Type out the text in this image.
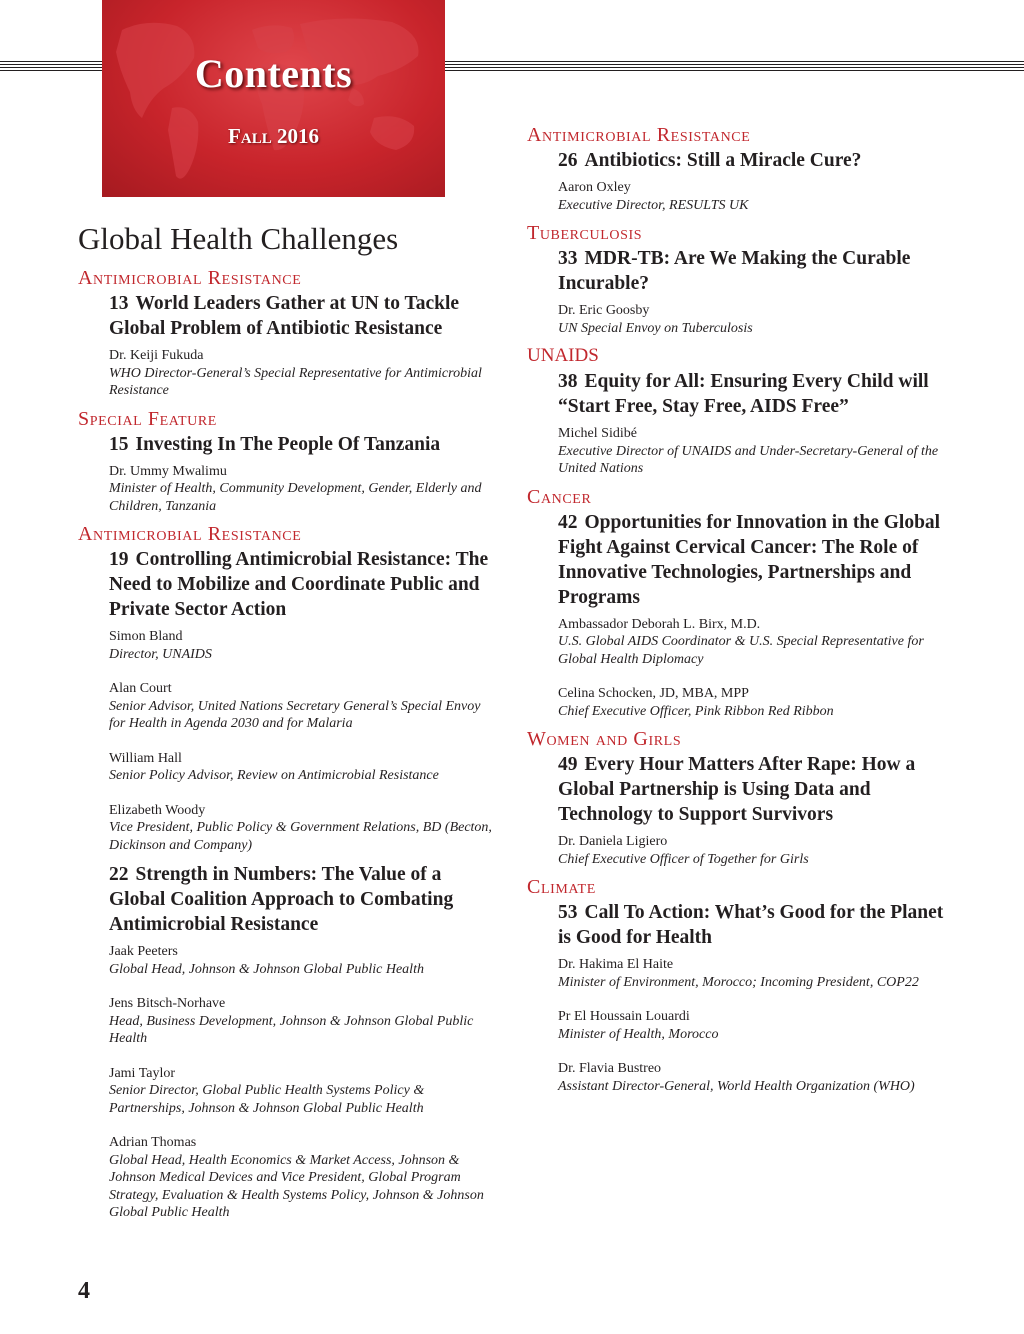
Contents
Fall 2016
Global Health Challenges
Antimicrobial Resistance
13 World Leaders Gather at UN to Tackle Global Problem of Antibiotic Resistance
Dr. Keiji Fukuda
WHO Director-General’s Special Representative for Antimicrobial Resistance
Special Feature
15 Investing In The People Of Tanzania
Dr. Ummy Mwalimu
Minister of Health, Community Development, Gender, Elderly and Children, Tanzania
Antimicrobial Resistance
19 Controlling Antimicrobial Resistance: The Need to Mobilize and Coordinate Public and Private Sector Action
Simon Bland
Director, UNAIDS
Alan Court
Senior Advisor, United Nations Secretary General’s Special Envoy for Health in Agenda 2030 and for Malaria
William Hall
Senior Policy Advisor, Review on Antimicrobial Resistance
Elizabeth Woody
Vice President, Public Policy & Government Relations, BD (Becton, Dickinson and Company)
22 Strength in Numbers: The Value of a Global Coalition Approach to Combating Antimicrobial Resistance
Jaak Peeters
Global Head, Johnson & Johnson Global Public Health
Jens Bitsch-Norhave
Head, Business Development, Johnson & Johnson Global Public Health
Jami Taylor
Senior Director, Global Public Health Systems Policy & Partnerships, Johnson & Johnson Global Public Health
Adrian Thomas
Global Head, Health Economics & Market Access, Johnson & Johnson Medical Devices and Vice President, Global Program Strategy, Evaluation & Health Systems Policy, Johnson & Johnson Global Public Health
Antimicrobial Resistance
26 Antibiotics: Still a Miracle Cure?
Aaron Oxley
Executive Director, RESULTS UK
Tuberculosis
33 MDR-TB: Are We Making the Curable Incurable?
Dr. Eric Goosby
UN Special Envoy on Tuberculosis
UNAIDS
38 Equity for All: Ensuring Every Child will “Start Free, Stay Free, AIDS Free”
Michel Sidibé
Executive Director of UNAIDS and Under-Secretary-General of the United Nations
Cancer
42 Opportunities for Innovation in the Global Fight Against Cervical Cancer: The Role of Innovative Technologies, Partnerships and Programs
Ambassador Deborah L. Birx, M.D.
U.S. Global AIDS Coordinator & U.S. Special Representative for Global Health Diplomacy
Celina Schocken, JD, MBA, MPP
Chief Executive Officer, Pink Ribbon Red Ribbon
Women and Girls
49 Every Hour Matters After Rape: How a Global Partnership is Using Data and Technology to Support Survivors
Dr. Daniela Ligiero
Chief Executive Officer of Together for Girls
Climate
53 Call To Action: What’s Good for the Planet is Good for Health
Dr. Hakima El Haite
Minister of Environment, Morocco; Incoming President, COP22
Pr El Houssain Louardi
Minister of Health, Morocco
Dr. Flavia Bustreo
Assistant Director-General, World Health Organization (WHO)
4
